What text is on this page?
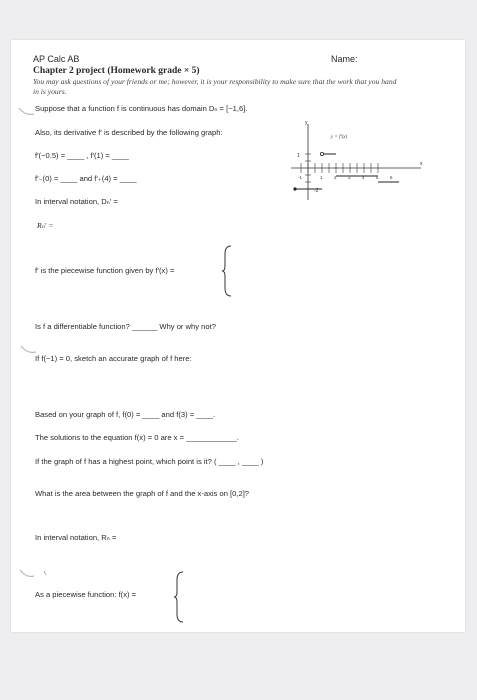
AP Calc AB	Name:
Chapter 2 project (Homework grade × 5)
You may ask questions of your friends or me; however, it is your responsibility to make sure that the work that you hand in is yours.
Suppose that a function f is continuous has domain Dₙ = [−1,6].
Also, its derivative f′ is described by the following graph:
f′(−0.5) = ____ , f′(1) = ____
f′₋(0) = ____ and f′₊(4) = ____
In interval notation, Dₙ′ =
Rₙ′ =
y = f′(x)
1
-2
x
y
-1	1	2	3	4	5	6
f′ is the piecewise function given by f′(x) =
Is f a differentiable function? ______ Why or why not?
If f(−1) = 0, sketch an accurate graph of f here:
Based on your graph of f, f(0) = ____ and f(3) = ____.
The solutions to the equation f(x) = 0 are x = ____________.
If the graph of f has a highest point, which point is it? ( ____ , ____ )
What is the area between the graph of f and the x-axis on [0,2]?
In interval notation, Rₙ =
As a piecewise function: f(x) =
